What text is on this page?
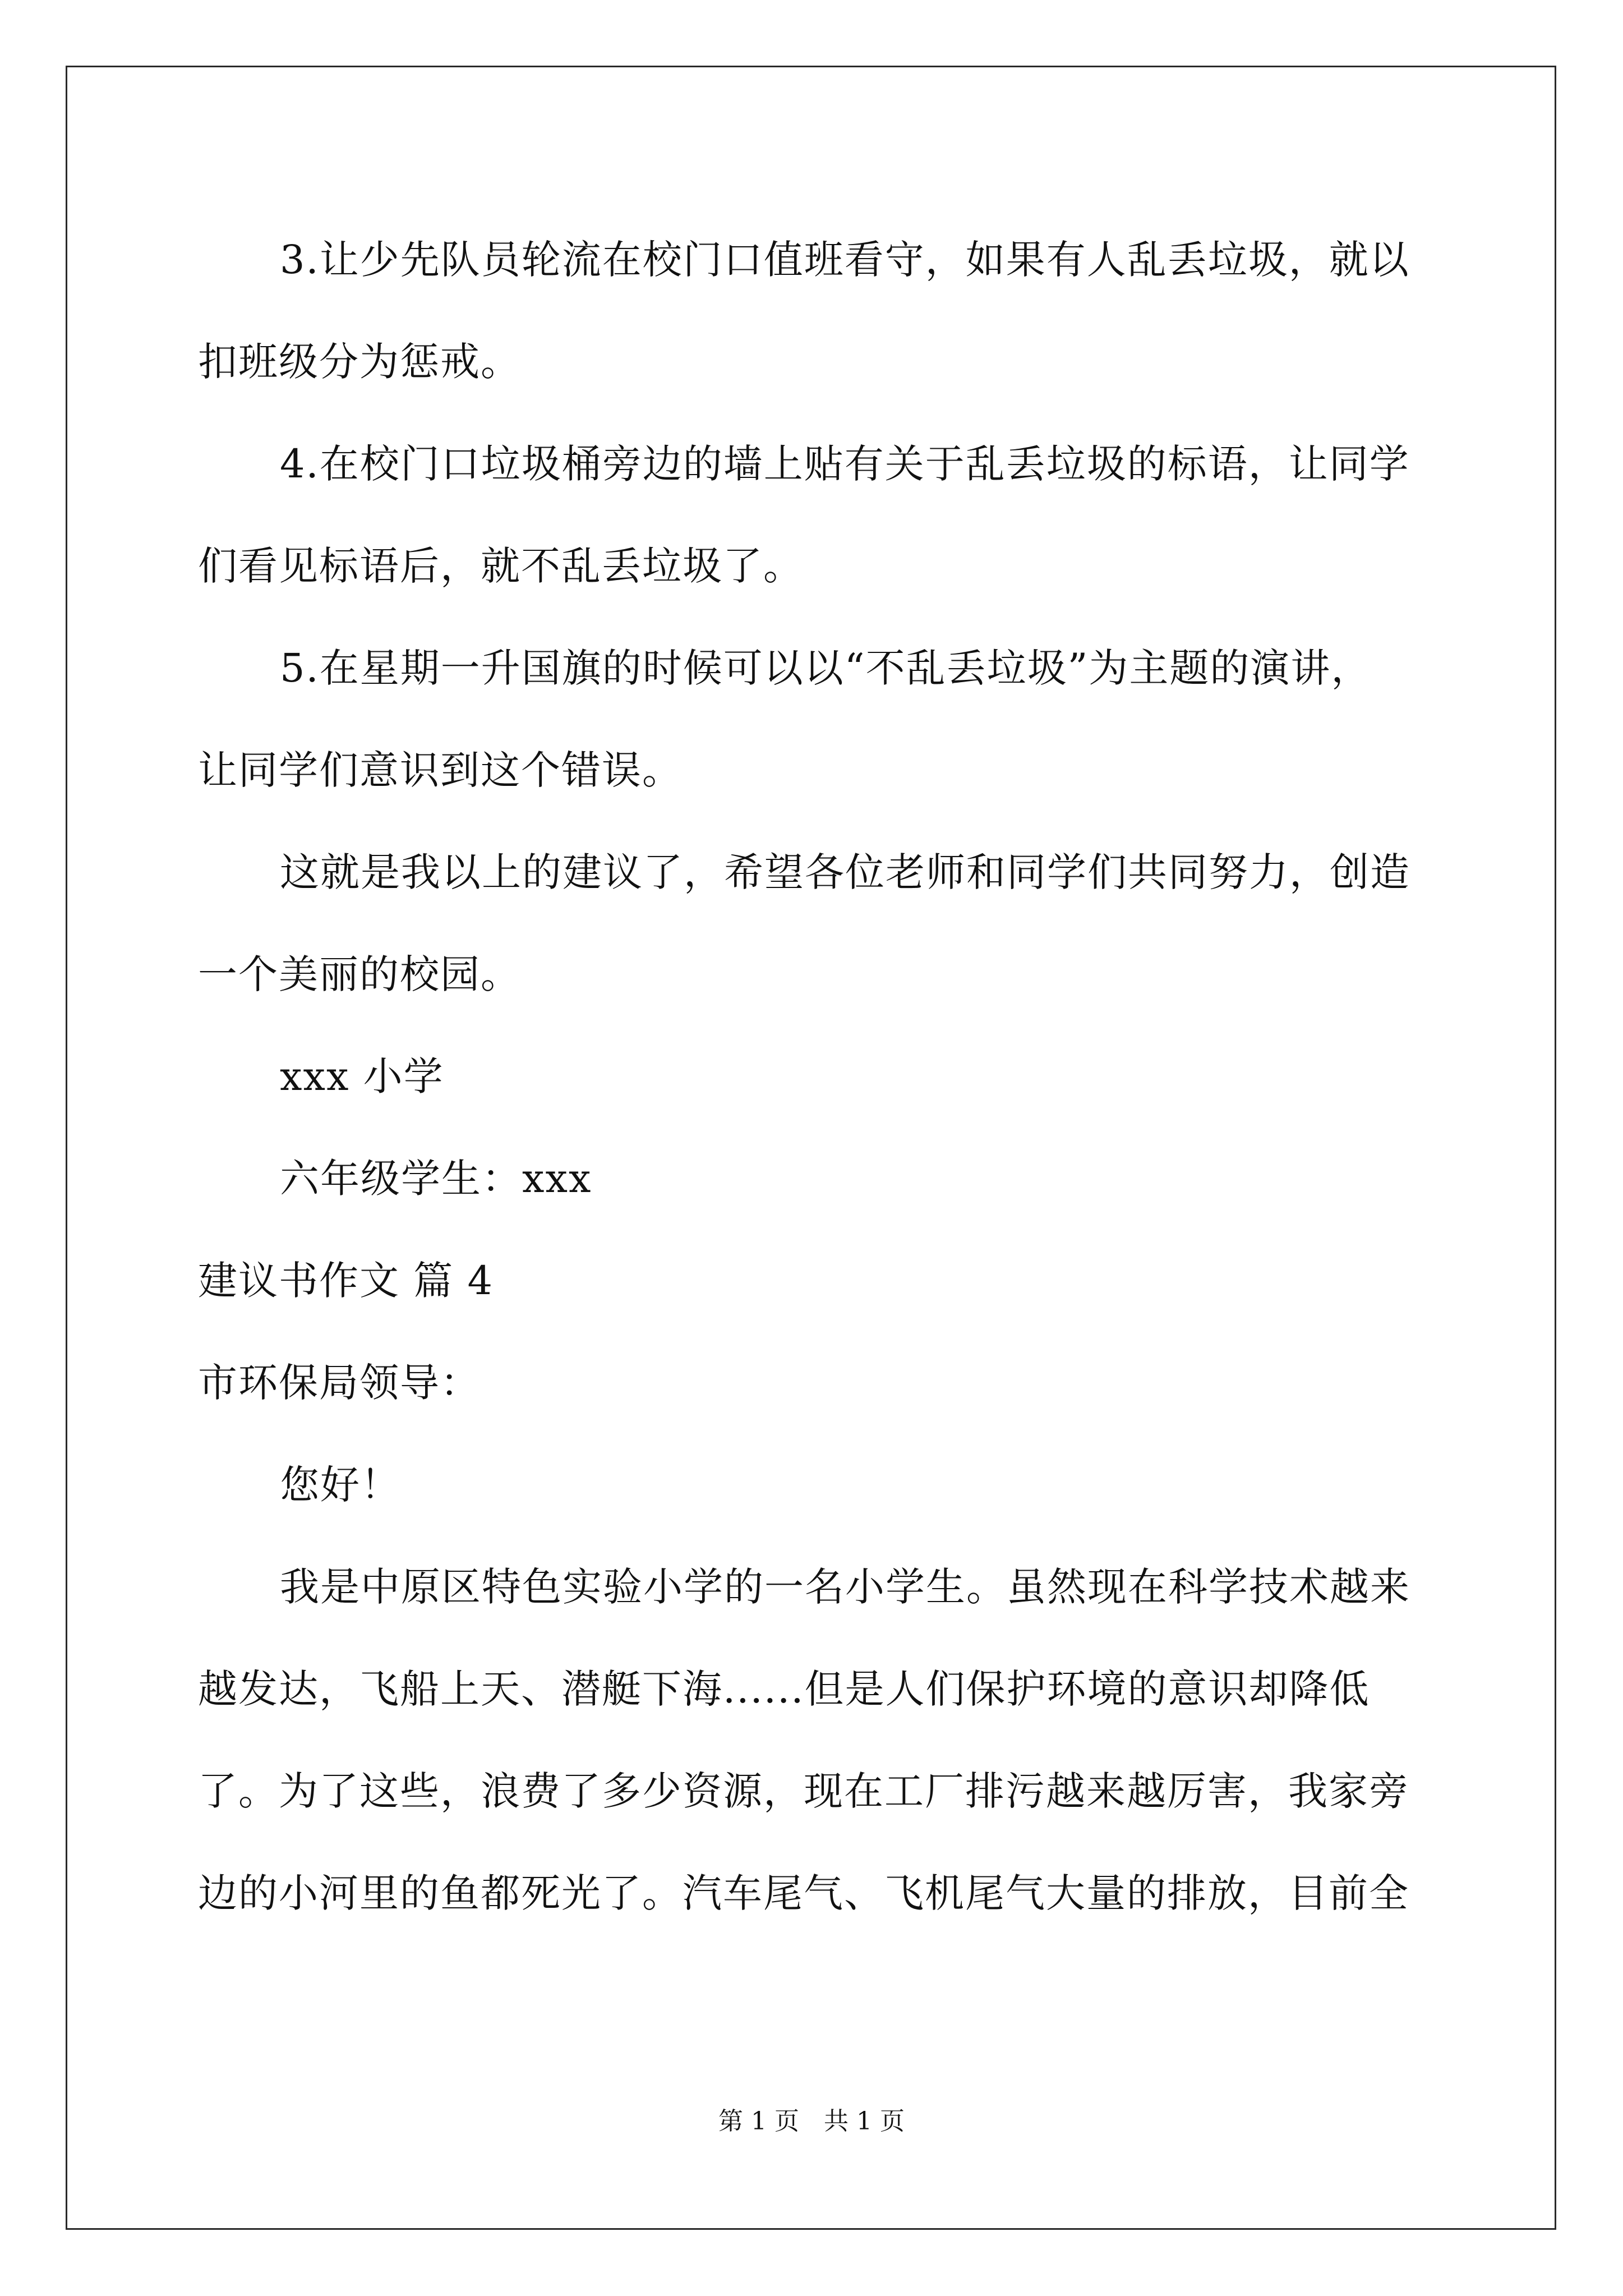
3.让少先队员轮流在校门口值班看守，如果有人乱丢垃圾，就以
扣班级分为惩戒。

4.在校门口垃圾桶旁边的墙上贴有关于乱丢垃圾的标语，让同学
们看见标语后，就不乱丢垃圾了。

5.在星期一升国旗的时候可以以“不乱丢垃圾”为主题的演讲，
让同学们意识到这个错误。

这就是我以上的建议了，希望各位老师和同学们共同努力，创造
一个美丽的校园。

xxx 小学

六年级学生：xxx

建议书作文 篇 4

市环保局领导：

您好！

我是中原区特色实验小学的一名小学生。虽然现在科学技术越来
越发达，飞船上天、潜艇下海......但是人们保护环境的意识却降低
了。为了这些，浪费了多少资源，现在工厂排污越来越厉害，我家旁
边的小河里的鱼都死光了。汽车尾气、飞机尾气大量的排放，目前全

第 1 页　共 1 页
